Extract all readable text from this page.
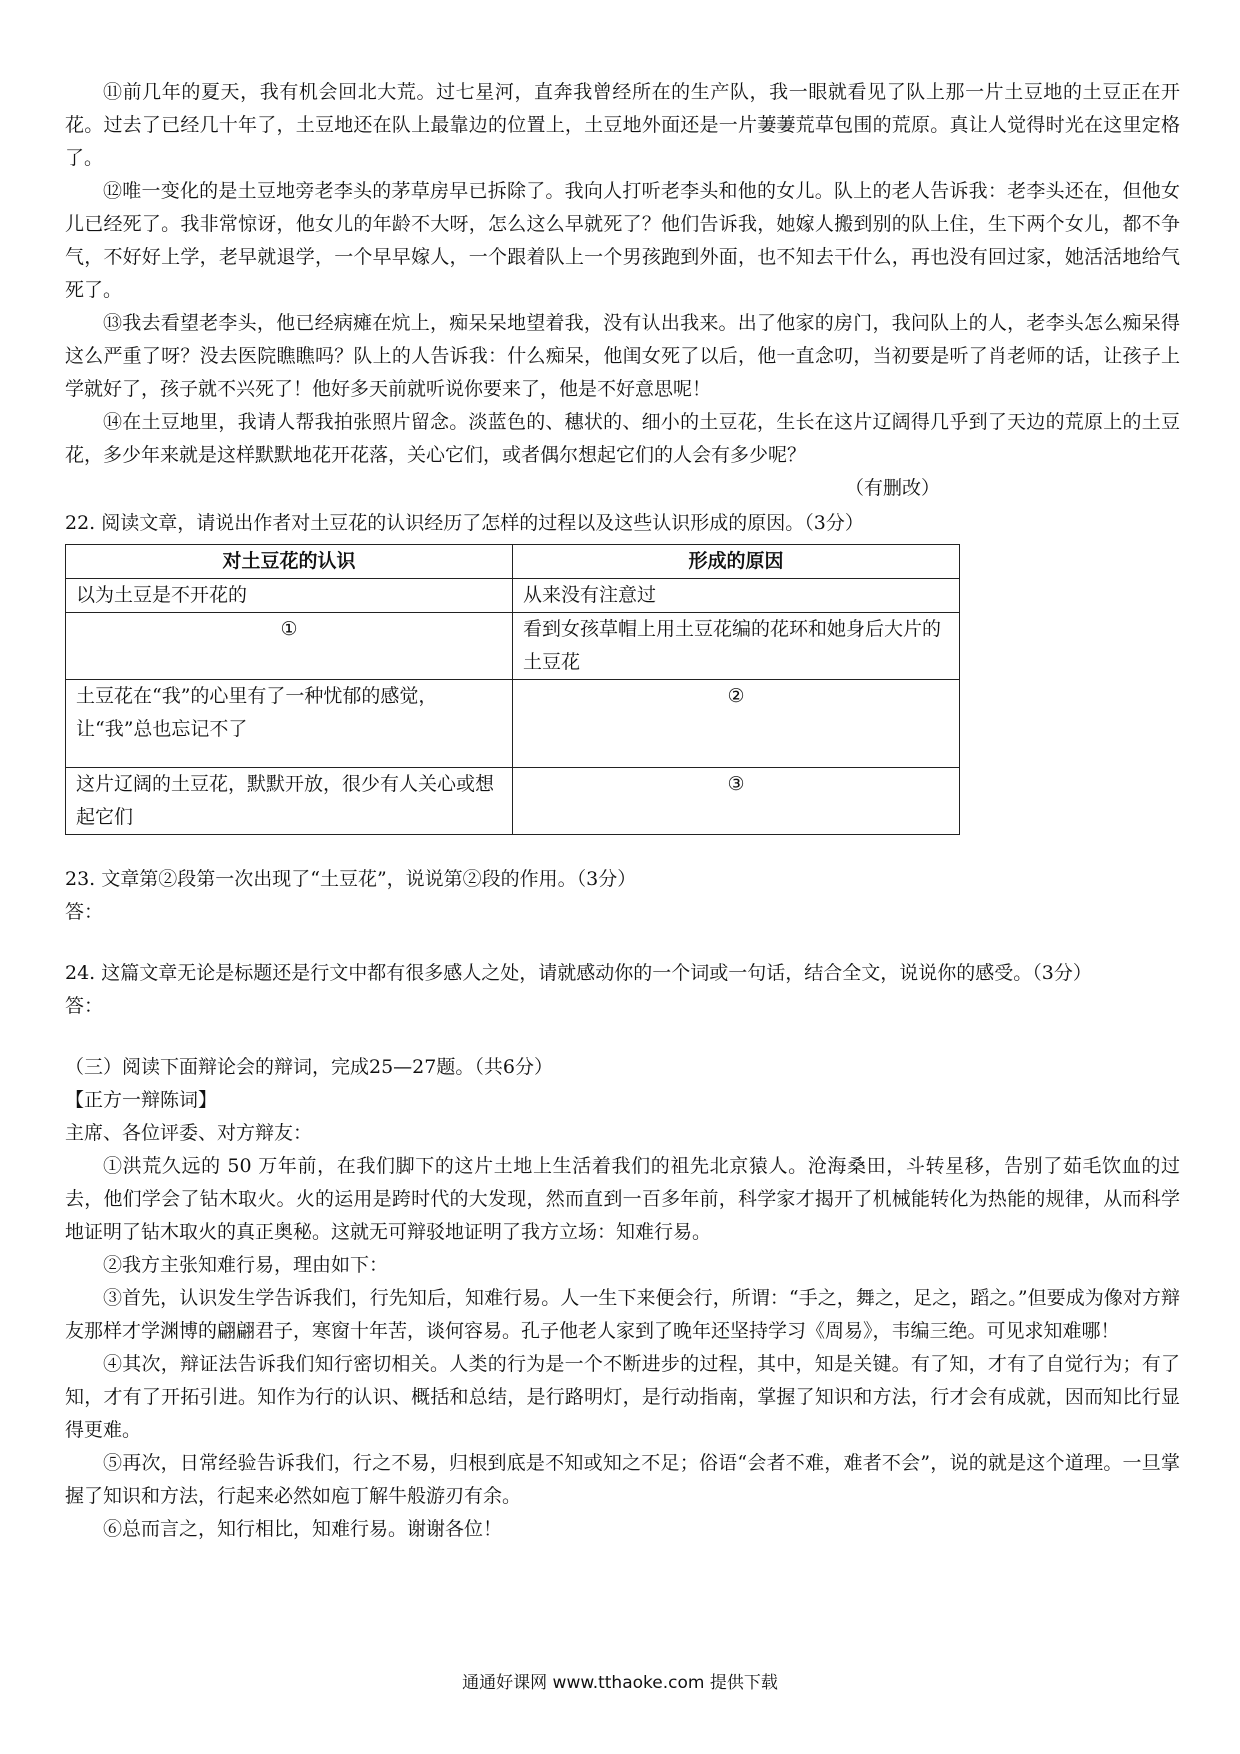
⑪前几年的夏天，我有机会回北大荒。过七星河，直奔我曾经所在的生产队，我一眼就看见了队上那一片土豆地的土豆正在开花。过去了已经几十年了，土豆地还在队上最靠边的位置上，土豆地外面还是一片萋萋荒草包围的荒原。真让人觉得时光在这里定格了。

⑫唯一变化的是土豆地旁老李头的茅草房早已拆除了。我向人打听老李头和他的女儿。队上的老人告诉我：老李头还在，但他女儿已经死了。我非常惊讶，他女儿的年龄不大呀，怎么这么早就死了？他们告诉我，她嫁人搬到别的队上住，生下两个女儿，都不争气，不好好上学，老早就退学，一个早早嫁人，一个跟着队上一个男孩跑到外面，也不知去干什么，再也没有回过家，她活活地给气死了。

⑬我去看望老李头，他已经病瘫在炕上，痴呆呆地望着我，没有认出我来。出了他家的房门，我问队上的人，老李头怎么痴呆得这么严重了呀？没去医院瞧瞧吗？队上的人告诉我：什么痴呆，他闺女死了以后，他一直念叨，当初要是听了肖老师的话，让孩子上学就好了，孩子就不兴死了！他好多天前就听说你要来了，他是不好意思呢！

⑭在土豆地里，我请人帮我拍张照片留念。淡蓝色的、穗状的、细小的土豆花，生长在这片辽阔得几乎到了天边的荒原上的土豆花，多少年来就是这样默默地花开花落，关心它们，或者偶尔想起它们的人会有多少呢？

（有删改）

22. 阅读文章，请说出作者对土豆花的认识经历了怎样的过程以及这些认识形成的原因。（3分）

对土豆花的认识	形成的原因
以为土豆是不开花的	从来没有注意过
①	看到女孩草帽上用土豆花编的花环和她身后大片的土豆花
土豆花在“我”的心里有了一种忧郁的感觉，让“我”总也忘记不了	②
这片辽阔的土豆花，默默开放，很少有人关心或想起它们	③

23. 文章第②段第一次出现了“土豆花”，说说第②段的作用。（3分）

答：

24. 这篇文章无论是标题还是行文中都有很多感人之处，请就感动你的一个词或一句话，结合全文，说说你的感受。（3分）

答：

（三）阅读下面辩论会的辩词，完成25—27题。（共6分）

【正方一辩陈词】

主席、各位评委、对方辩友：

①洪荒久远的 50 万年前，在我们脚下的这片土地上生活着我们的祖先北京猿人。沧海桑田，斗转星移，告别了茹毛饮血的过去，他们学会了钻木取火。火的运用是跨时代的大发现，然而直到一百多年前，科学家才揭开了机械能转化为热能的规律，从而科学地证明了钻木取火的真正奥秘。这就无可辩驳地证明了我方立场：知难行易。

②我方主张知难行易，理由如下：

③首先，认识发生学告诉我们，行先知后，知难行易。人一生下来便会行，所谓：“手之，舞之，足之，蹈之。”但要成为像对方辩友那样才学渊博的翩翩君子，寒窗十年苦，谈何容易。孔子他老人家到了晚年还坚持学习《周易》，韦编三绝。可见求知难哪！

④其次，辩证法告诉我们知行密切相关。人类的行为是一个不断进步的过程，其中，知是关键。有了知，才有了自觉行为；有了知，才有了开拓引进。知作为行的认识、概括和总结，是行路明灯，是行动指南，掌握了知识和方法，行才会有成就，因而知比行显得更难。

⑤再次，日常经验告诉我们，行之不易，归根到底是不知或知之不足；俗语“会者不难，难者不会”，说的就是这个道理。一旦掌握了知识和方法，行起来必然如庖丁解牛般游刃有余。

⑥总而言之，知行相比，知难行易。谢谢各位！

通通好课网 www.tthaoke.com 提供下载
